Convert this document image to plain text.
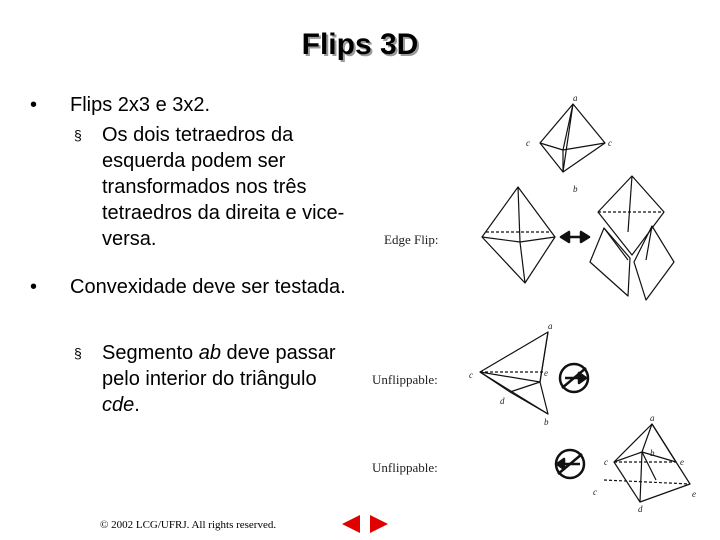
Flips 3D
• Flips 2x3 e 3x2.
§ Os dois tetraedros da esquerda podem ser transformados nos três tetraedros da direita e vice-versa.
• Convexidade deve ser testada.
§ Segmento ab deve passar pelo interior do triângulo cde.
a
c	c
b
a
c	e
d
b	a
c	e
b
c	e
d
Edge Flip:
Unflippable:
Unflippable:
© 2002 LCG/UFRJ. All rights reserved.
